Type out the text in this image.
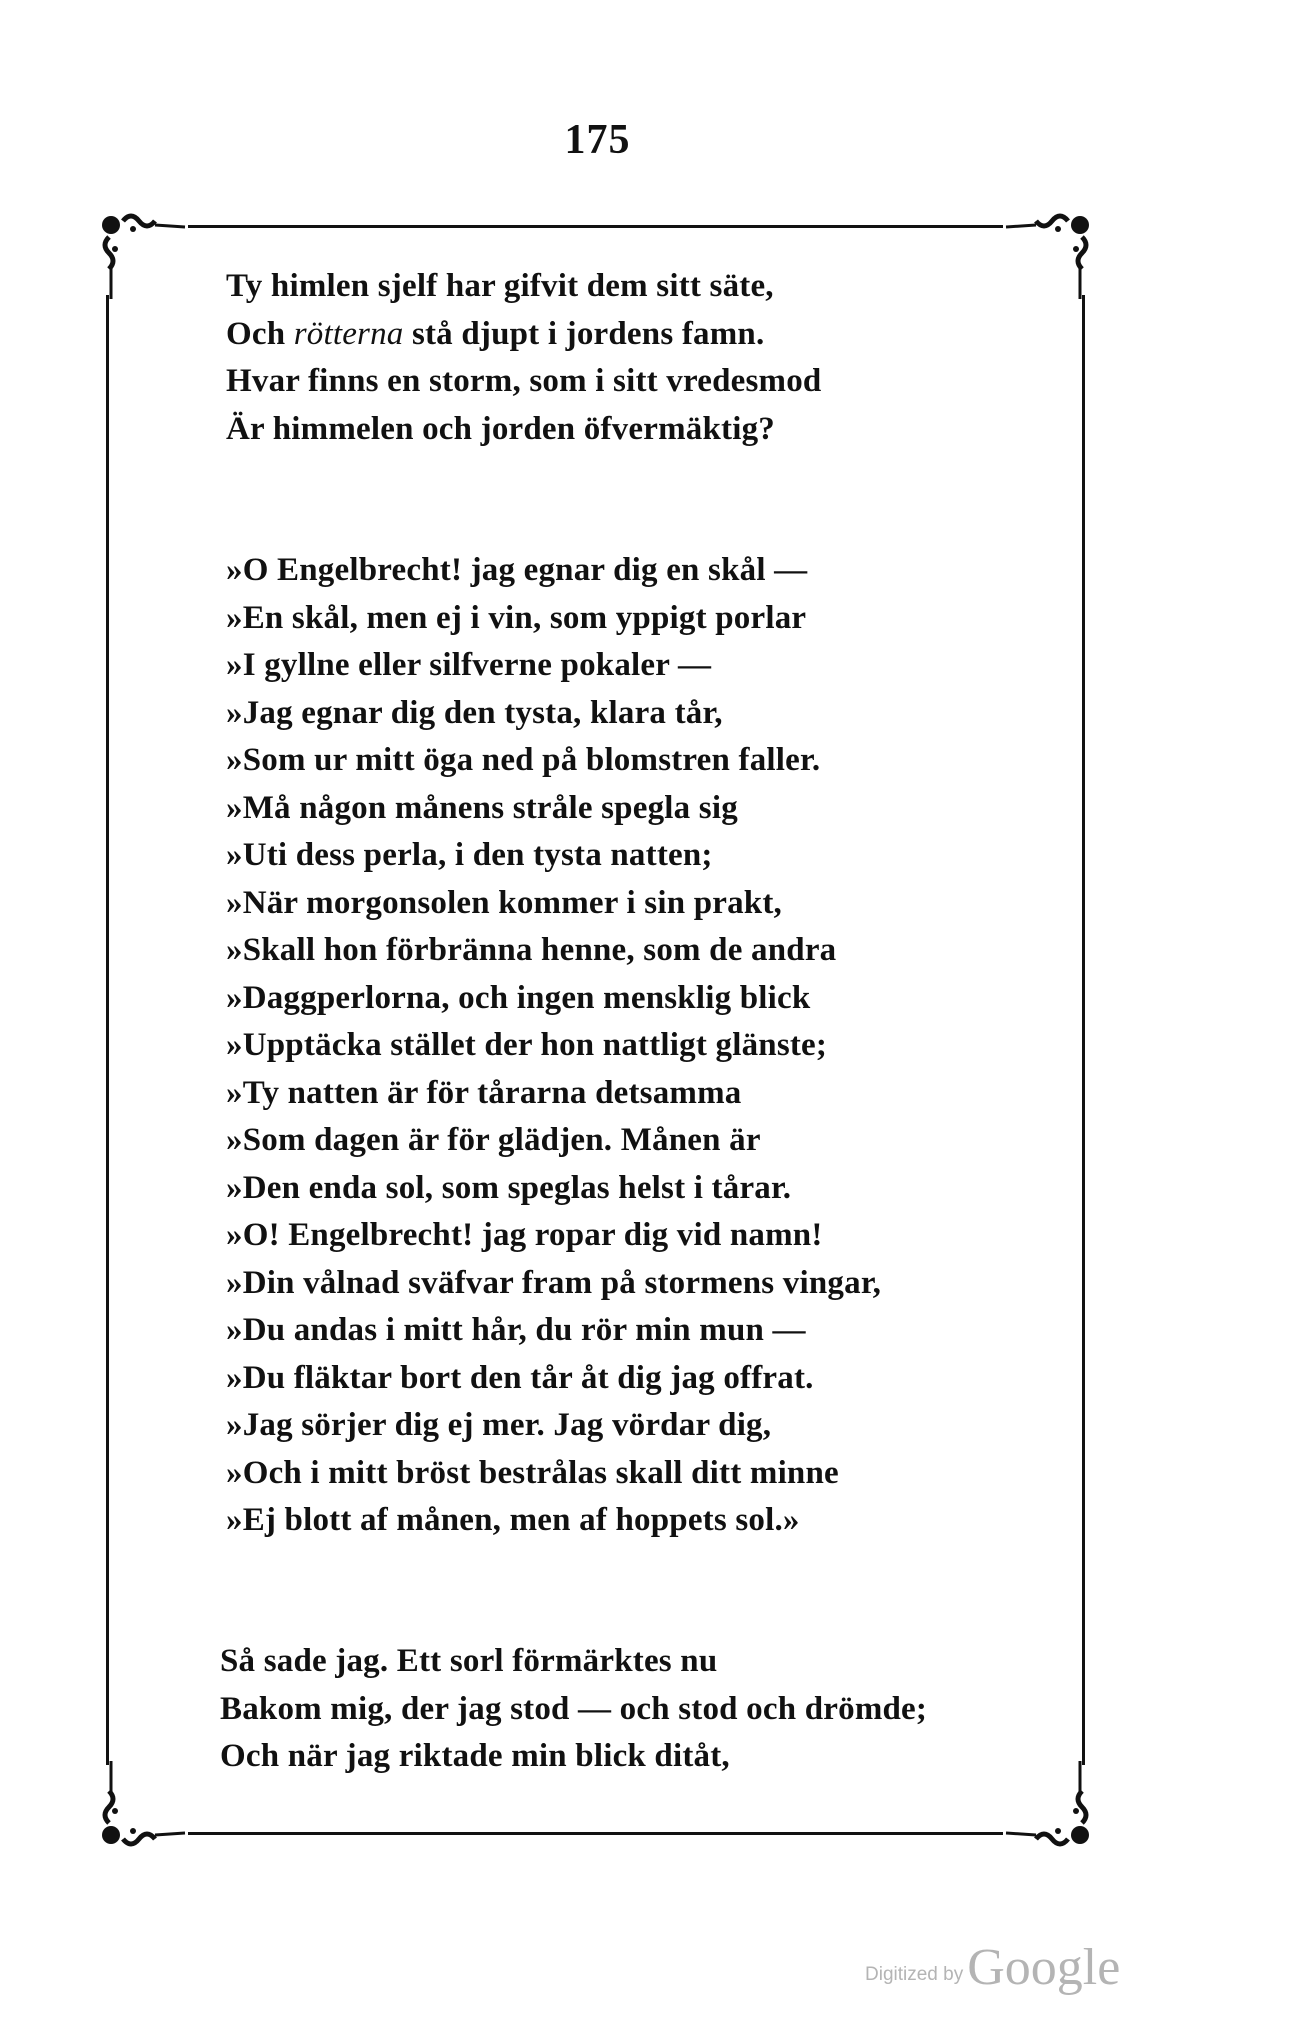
175
Ty himlen sjelf har gifvit dem sitt säte,
Och rötterna stå djupt i jordens famn.
Hvar finns en storm, som i sitt vredesmod
Är himmelen och jorden öfvermäktig?
»O Engelbrecht! jag egnar dig en skål —
»En skål, men ej i vin, som yppigt porlar
»I gyllne eller silfverne pokaler —
»Jag egnar dig den tysta, klara tår,
»Som ur mitt öga ned på blomstren faller.
»Må någon månens stråle spegla sig
»Uti dess perla, i den tysta natten;
»När morgonsolen kommer i sin prakt,
»Skall hon förbränna henne, som de andra
»Daggperlorna, och ingen mensklig blick
»Upptäcka stället der hon nattligt glänste;
»Ty natten är för tårarna detsamma
»Som dagen är för glädjen. Månen är
»Den enda sol, som speglas helst i tårar.
»O! Engelbrecht! jag ropar dig vid namn!
»Din vålnad sväfvar fram på stormens vingar,
»Du andas i mitt hår, du rör min mun —
»Du fläktar bort den tår åt dig jag offrat.
»Jag sörjer dig ej mer. Jag vördar dig,
»Och i mitt bröst bestrålas skall ditt minne
»Ej blott af månen, men af hoppets sol.»
Så sade jag. Ett sorl förmärktes nu
Bakom mig, der jag stod — och stod och drömde;
Och när jag riktade min blick ditåt,
Digitized byGoogle
